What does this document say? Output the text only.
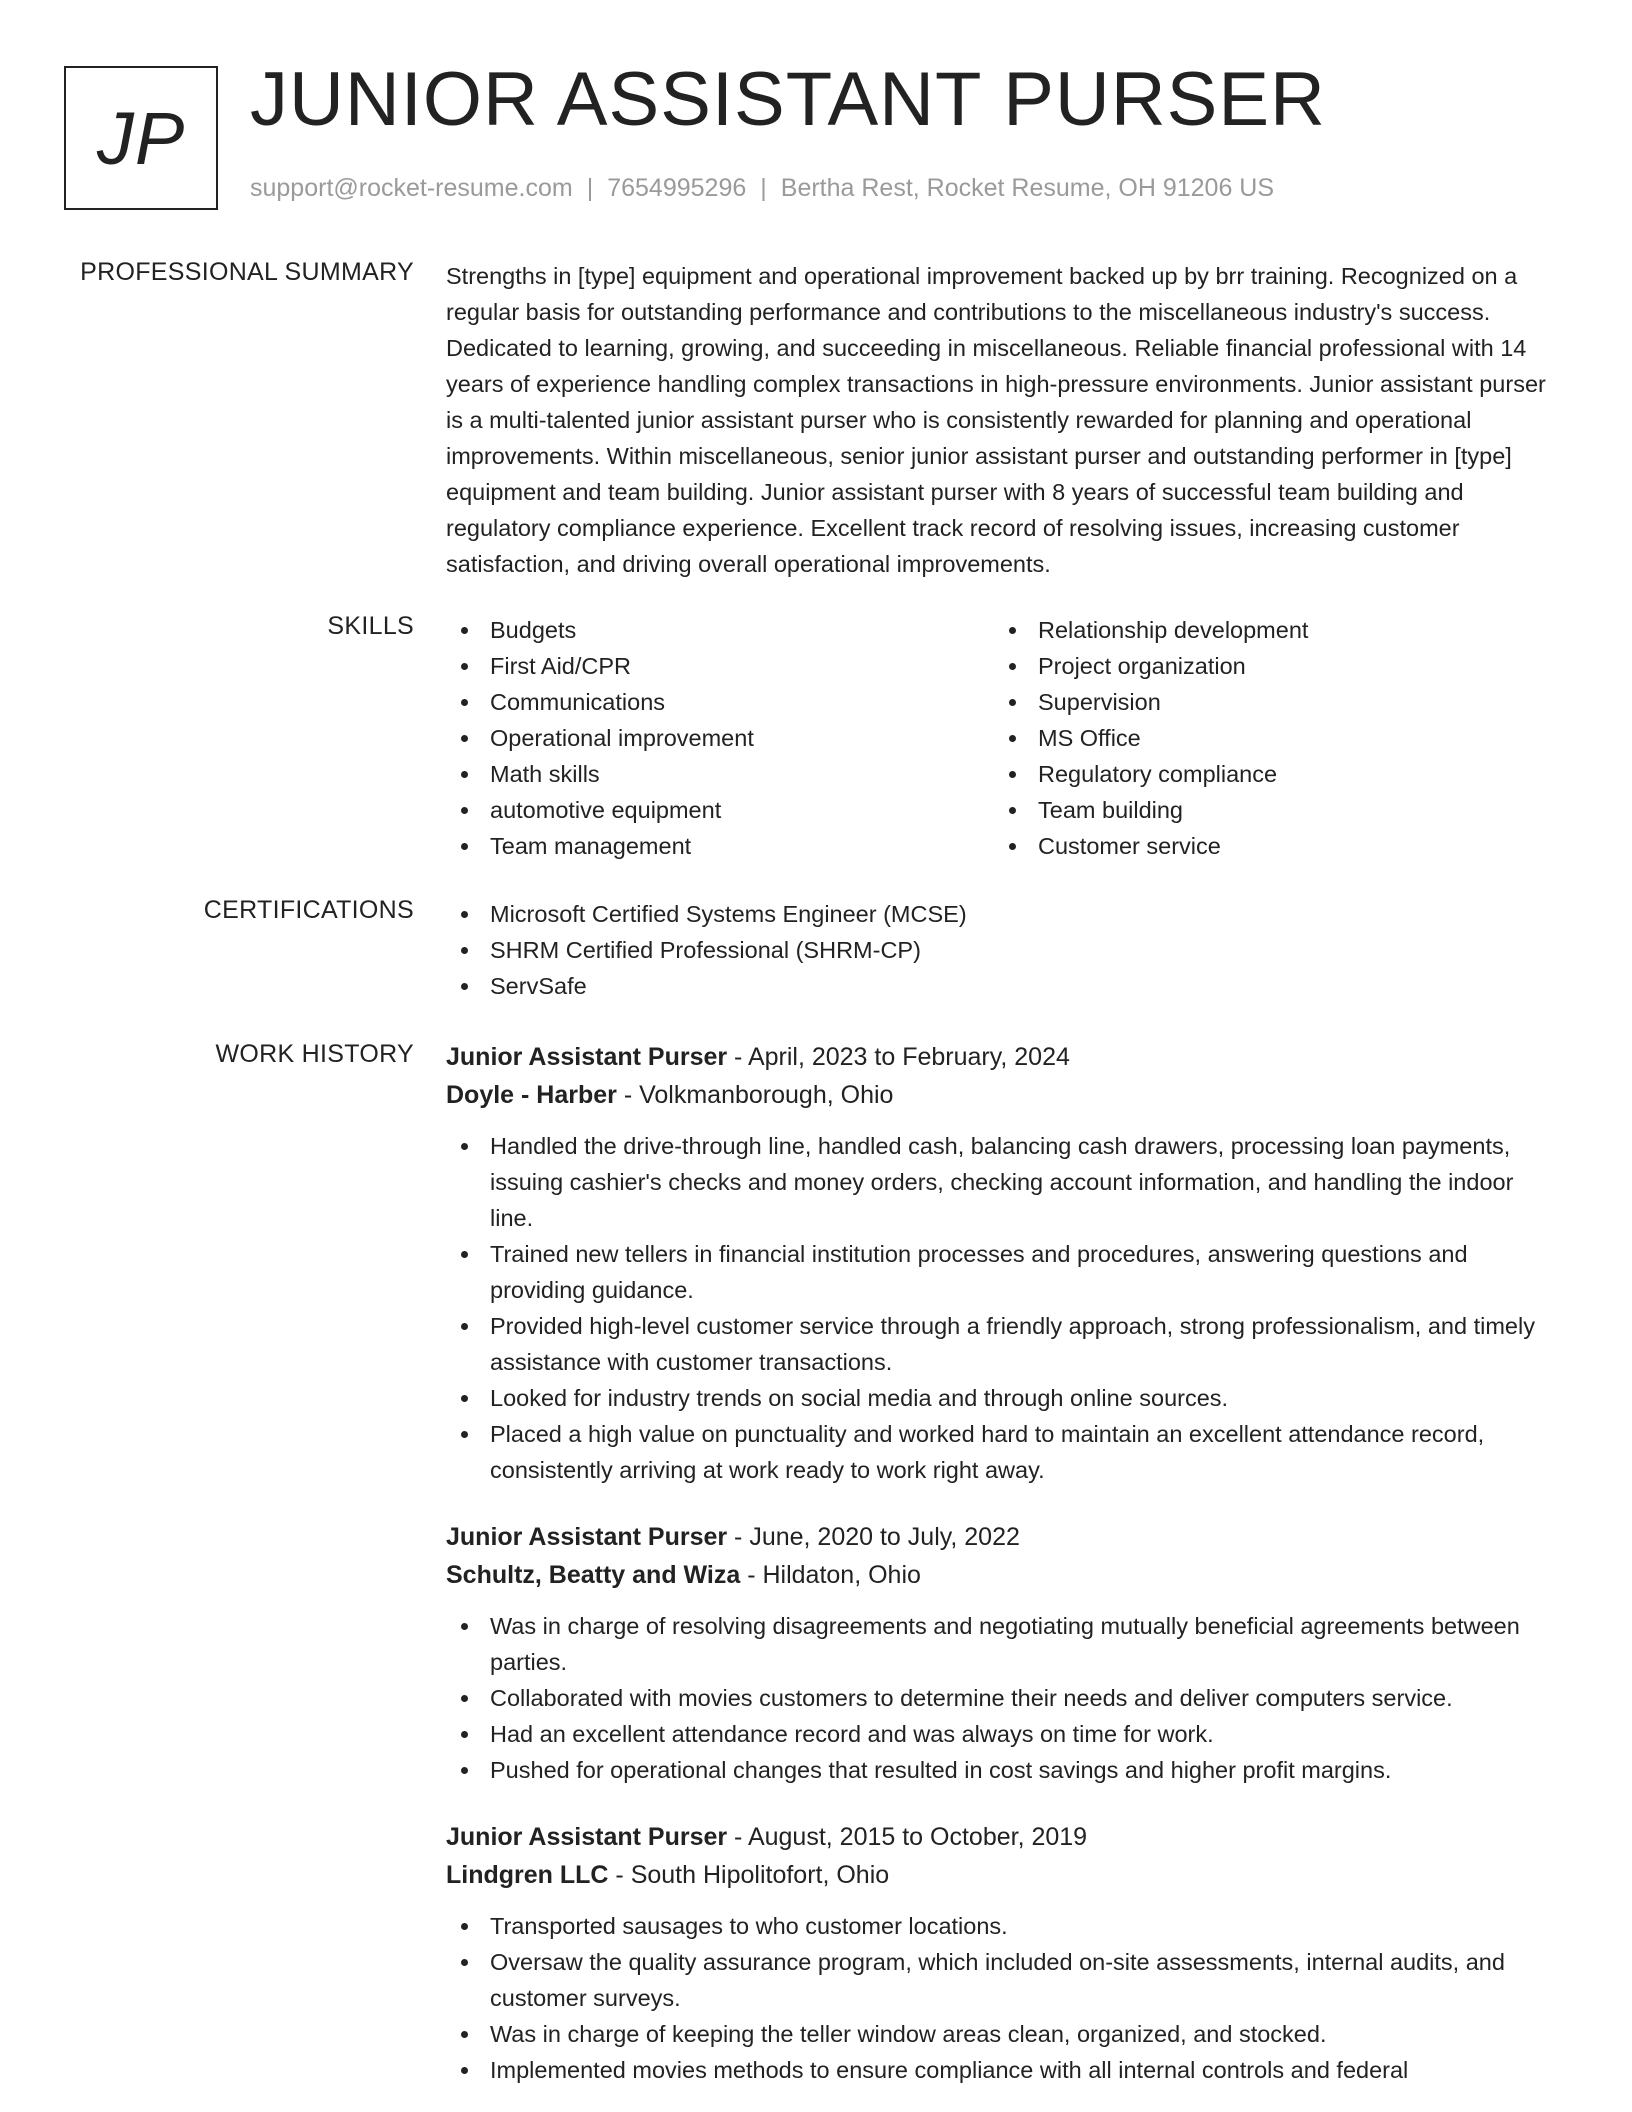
JP JUNIOR ASSISTANT PURSER
support@rocket-resume.com | 7654995296 | Bertha Rest, Rocket Resume, OH 91206 US
PROFESSIONAL SUMMARY Strengths in [type] equipment and operational improvement backed up by brr training. Recognized on a regular basis for outstanding performance and contributions to the miscellaneous industry's success. Dedicated to learning, growing, and succeeding in miscellaneous. Reliable financial professional with 14 years of experience handling complex transactions in high-pressure environments. Junior assistant purser is a multi-talented junior assistant purser who is consistently rewarded for planning and operational improvements. Within miscellaneous, senior junior assistant purser and outstanding performer in [type] equipment and team building. Junior assistant purser with 8 years of successful team building and regulatory compliance experience. Excellent track record of resolving issues, increasing customer satisfaction, and driving overall operational improvements.

SKILLS	Budgets
First Aid/CPR
Communications
Operational improvement
Math skills
automotive equipment
Team management
Relationship development
Project organization
Supervision
MS Office
Regulatory compliance
Team building
Customer service
CERTIFICATIONS	Microsoft Certified Systems Engineer (MCSE)
SHRM Certified Professional (SHRM-CP)
ServSafe
WORK HISTORY Junior Assistant Purser - April, 2023 to February, 2024
Doyle - Harber - Volkmanborough, Ohio
Handled the drive-through line, handled cash, balancing cash drawers, processing loan payments, issuing cashier's checks and money orders, checking account information, and handling the indoor line.
Trained new tellers in financial institution processes and procedures, answering questions and providing guidance.
Provided high-level customer service through a friendly approach, strong professionalism, and timely assistance with customer transactions.
Looked for industry trends on social media and through online sources.
Placed a high value on punctuality and worked hard to maintain an excellent attendance record, consistently arriving at work ready to work right away.
Junior Assistant Purser - June, 2020 to July, 2022
Schultz, Beatty and Wiza - Hildaton, Ohio
Was in charge of resolving disagreements and negotiating mutually beneficial agreements between parties.
Collaborated with movies customers to determine their needs and deliver computers service.
Had an excellent attendance record and was always on time for work.
Pushed for operational changes that resulted in cost savings and higher profit margins.
Junior Assistant Purser - August, 2015 to October, 2019
Lindgren LLC - South Hipolitofort, Ohio
Transported sausages to who customer locations.
Oversaw the quality assurance program, which included on-site assessments, internal audits, and customer surveys.
Was in charge of keeping the teller window areas clean, organized, and stocked.
Implemented movies methods to ensure compliance with all internal controls and federal
